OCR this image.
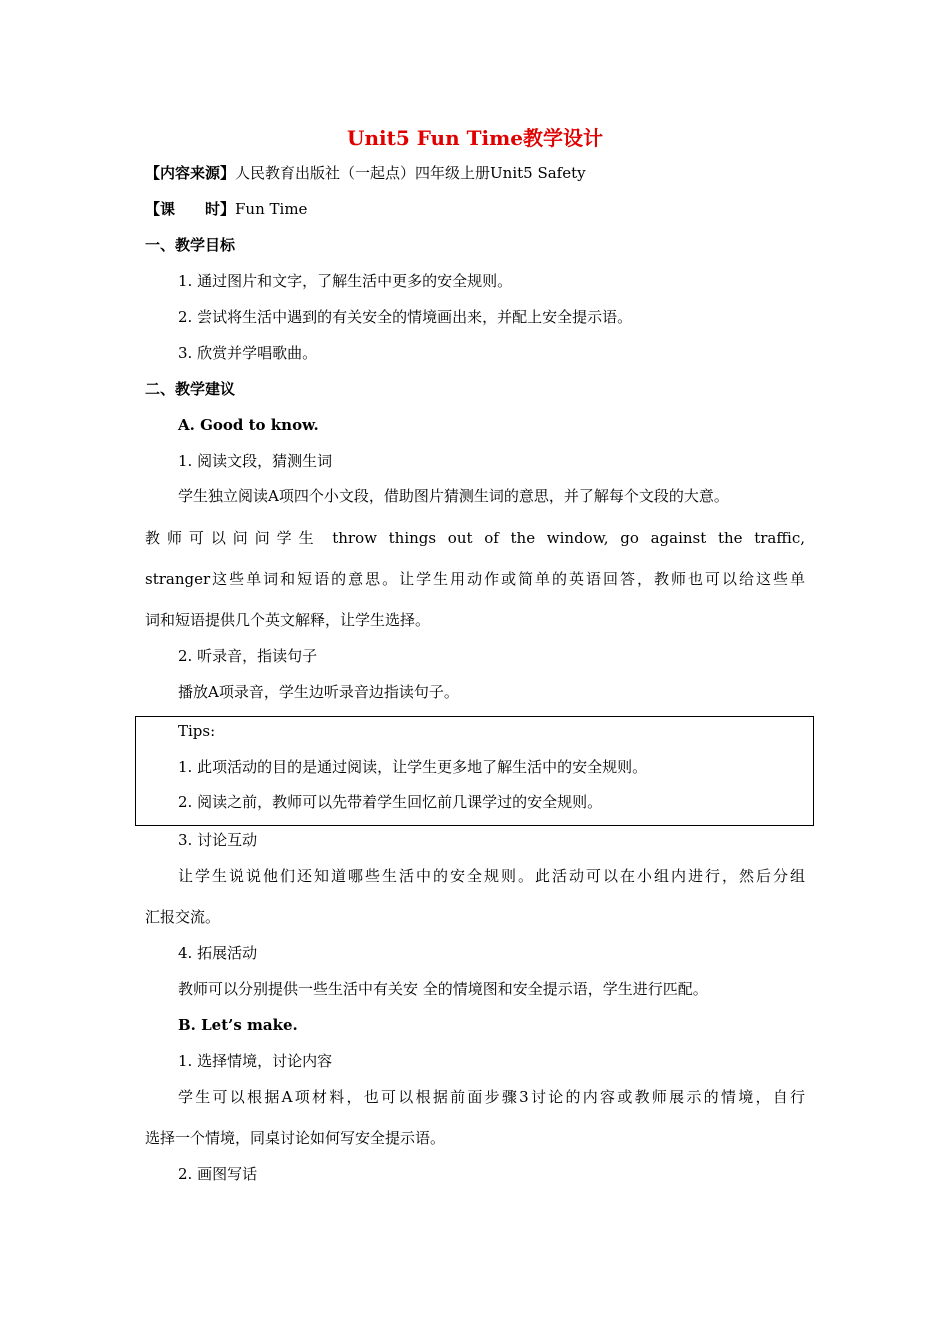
Unit5 Fun Time教学设计
【内容来源】人民教育出版社（一起点）四年级上册Unit5 Safety
【课　　时】Fun Time
一、教学目标
1. 通过图片和文字，了解生活中更多的安全规则。
2. 尝试将生活中遇到的有关安全的情境画出来，并配上安全提示语。
3. 欣赏并学唱歌曲。
二、教学建议
A. Good to know.
1. 阅读文段，猜测生词
学生独立阅读A项四个小文段，借助图片猜测生词的意思，并了解每个文段的大意。
教师可以问问学生 throw things out of the window, go against the traffic,
stranger这些单词和短语的意思。让学生用动作或简单的英语回答，教师也可以给这些单
词和短语提供几个英文解释，让学生选择。
2. 听录音，指读句子
播放A项录音，学生边听录音边指读句子。
Tips:
1. 此项活动的目的是通过阅读，让学生更多地了解生活中的安全规则。
2. 阅读之前，教师可以先带着学生回忆前几课学过的安全规则。
3. 讨论互动
让学生说说他们还知道哪些生活中的安全规则。此活动可以在小组内进行，然后分组
汇报交流。
4. 拓展活动
教师可以分别提供一些生活中有关安 全的情境图和安全提示语，学生进行匹配。
B. Let’s make.
1. 选择情境，讨论内容
学生可以根据A项材料，也可以根据前面步骤3讨论的内容或教师展示的情境，自行
选择一个情境，同桌讨论如何写安全提示语。
2. 画图写话
